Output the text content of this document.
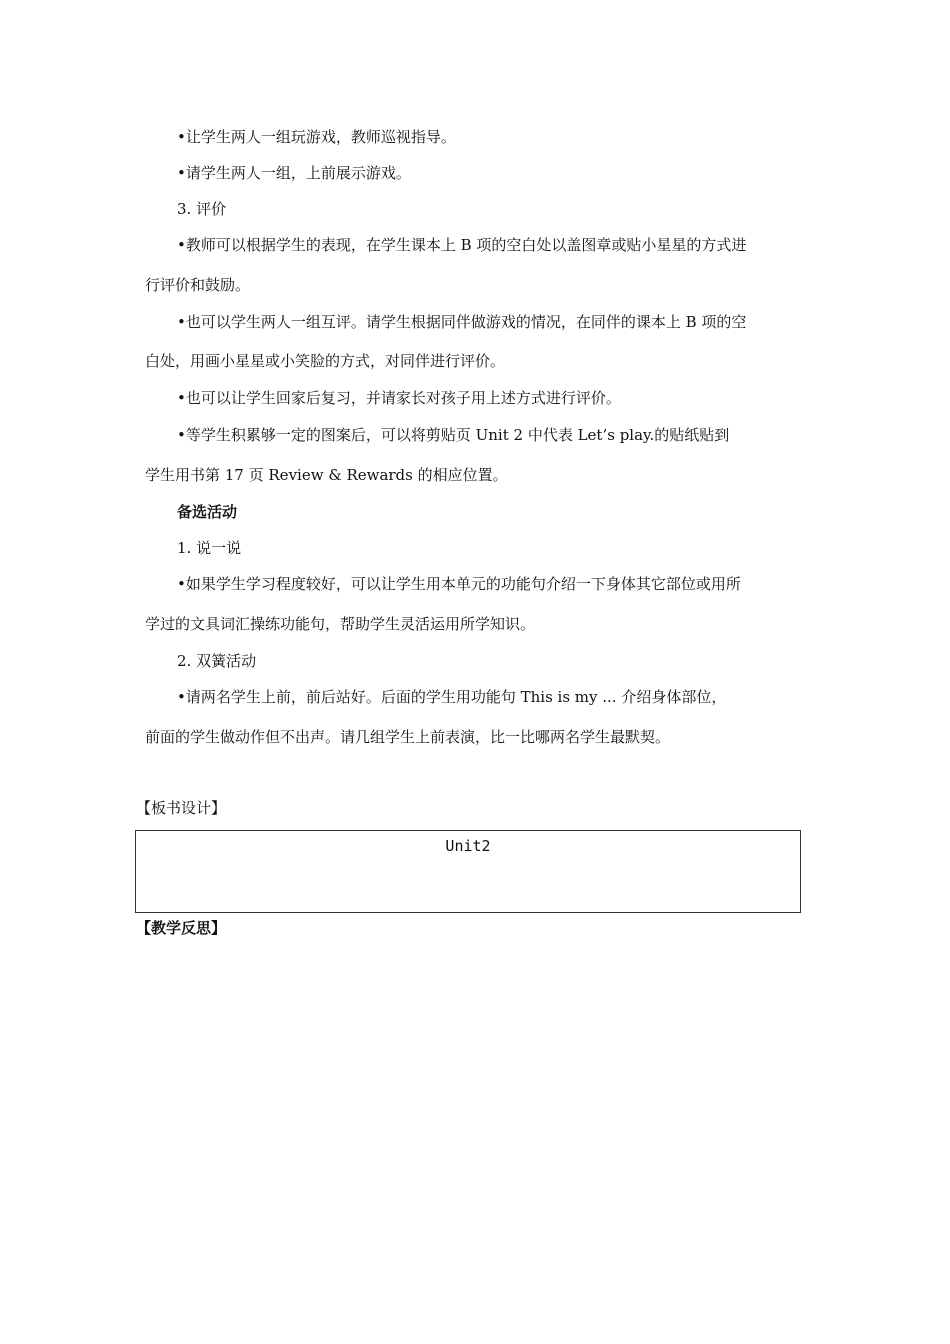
•让学生两人一组玩游戏，教师巡视指导。
•请学生两人一组，上前展示游戏。
3. 评价
•教师可以根据学生的表现，在学生课本上 B 项的空白处以盖图章或贴小星星的方式进
行评价和鼓励。
•也可以学生两人一组互评。请学生根据同伴做游戏的情况，在同伴的课本上 B 项的空
白处，用画小星星或小笑脸的方式，对同伴进行评价。
•也可以让学生回家后复习，并请家长对孩子用上述方式进行评价。
•等学生积累够一定的图案后，可以将剪贴页 Unit 2 中代表 Let’s play.的贴纸贴到
学生用书第 17 页 Review & Rewards 的相应位置。
备选活动
1. 说一说
•如果学生学习程度较好，可以让学生用本单元的功能句介绍一下身体其它部位或用所
学过的文具词汇操练功能句，帮助学生灵活运用所学知识。
2. 双簧活动
•请两名学生上前，前后站好。后面的学生用功能句 This is my ... 介绍身体部位，
前面的学生做动作但不出声。请几组学生上前表演，比一比哪两名学生最默契。
【板书设计】
Unit2
【教学反思】
